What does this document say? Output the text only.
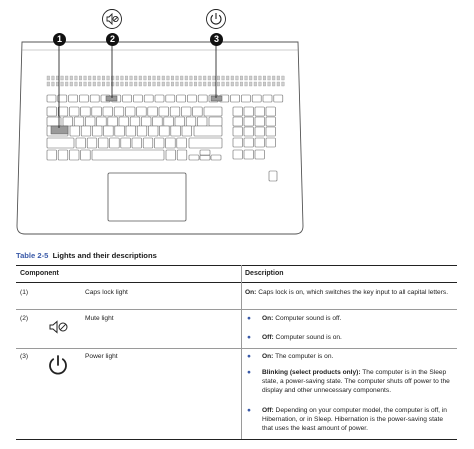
1	2	3
Table 2-5 Lights and their descriptions
Component	Description
(1)	Caps lock light	On: Caps lock is on, which switches the key input to all capital letters.
(2)	Mute light	● On: Computer sound is off.
● Off: Computer sound is on.
(3)	Power light	● On: The computer is on.
● Blinking (select products only): The computer is in the Sleep state, a power-saving state. The computer shuts off power to the display and other unnecessary components.
● Off: Depending on your computer model, the computer is off, in Hibernation, or in Sleep. Hibernation is the power-saving state that uses the least amount of power.
